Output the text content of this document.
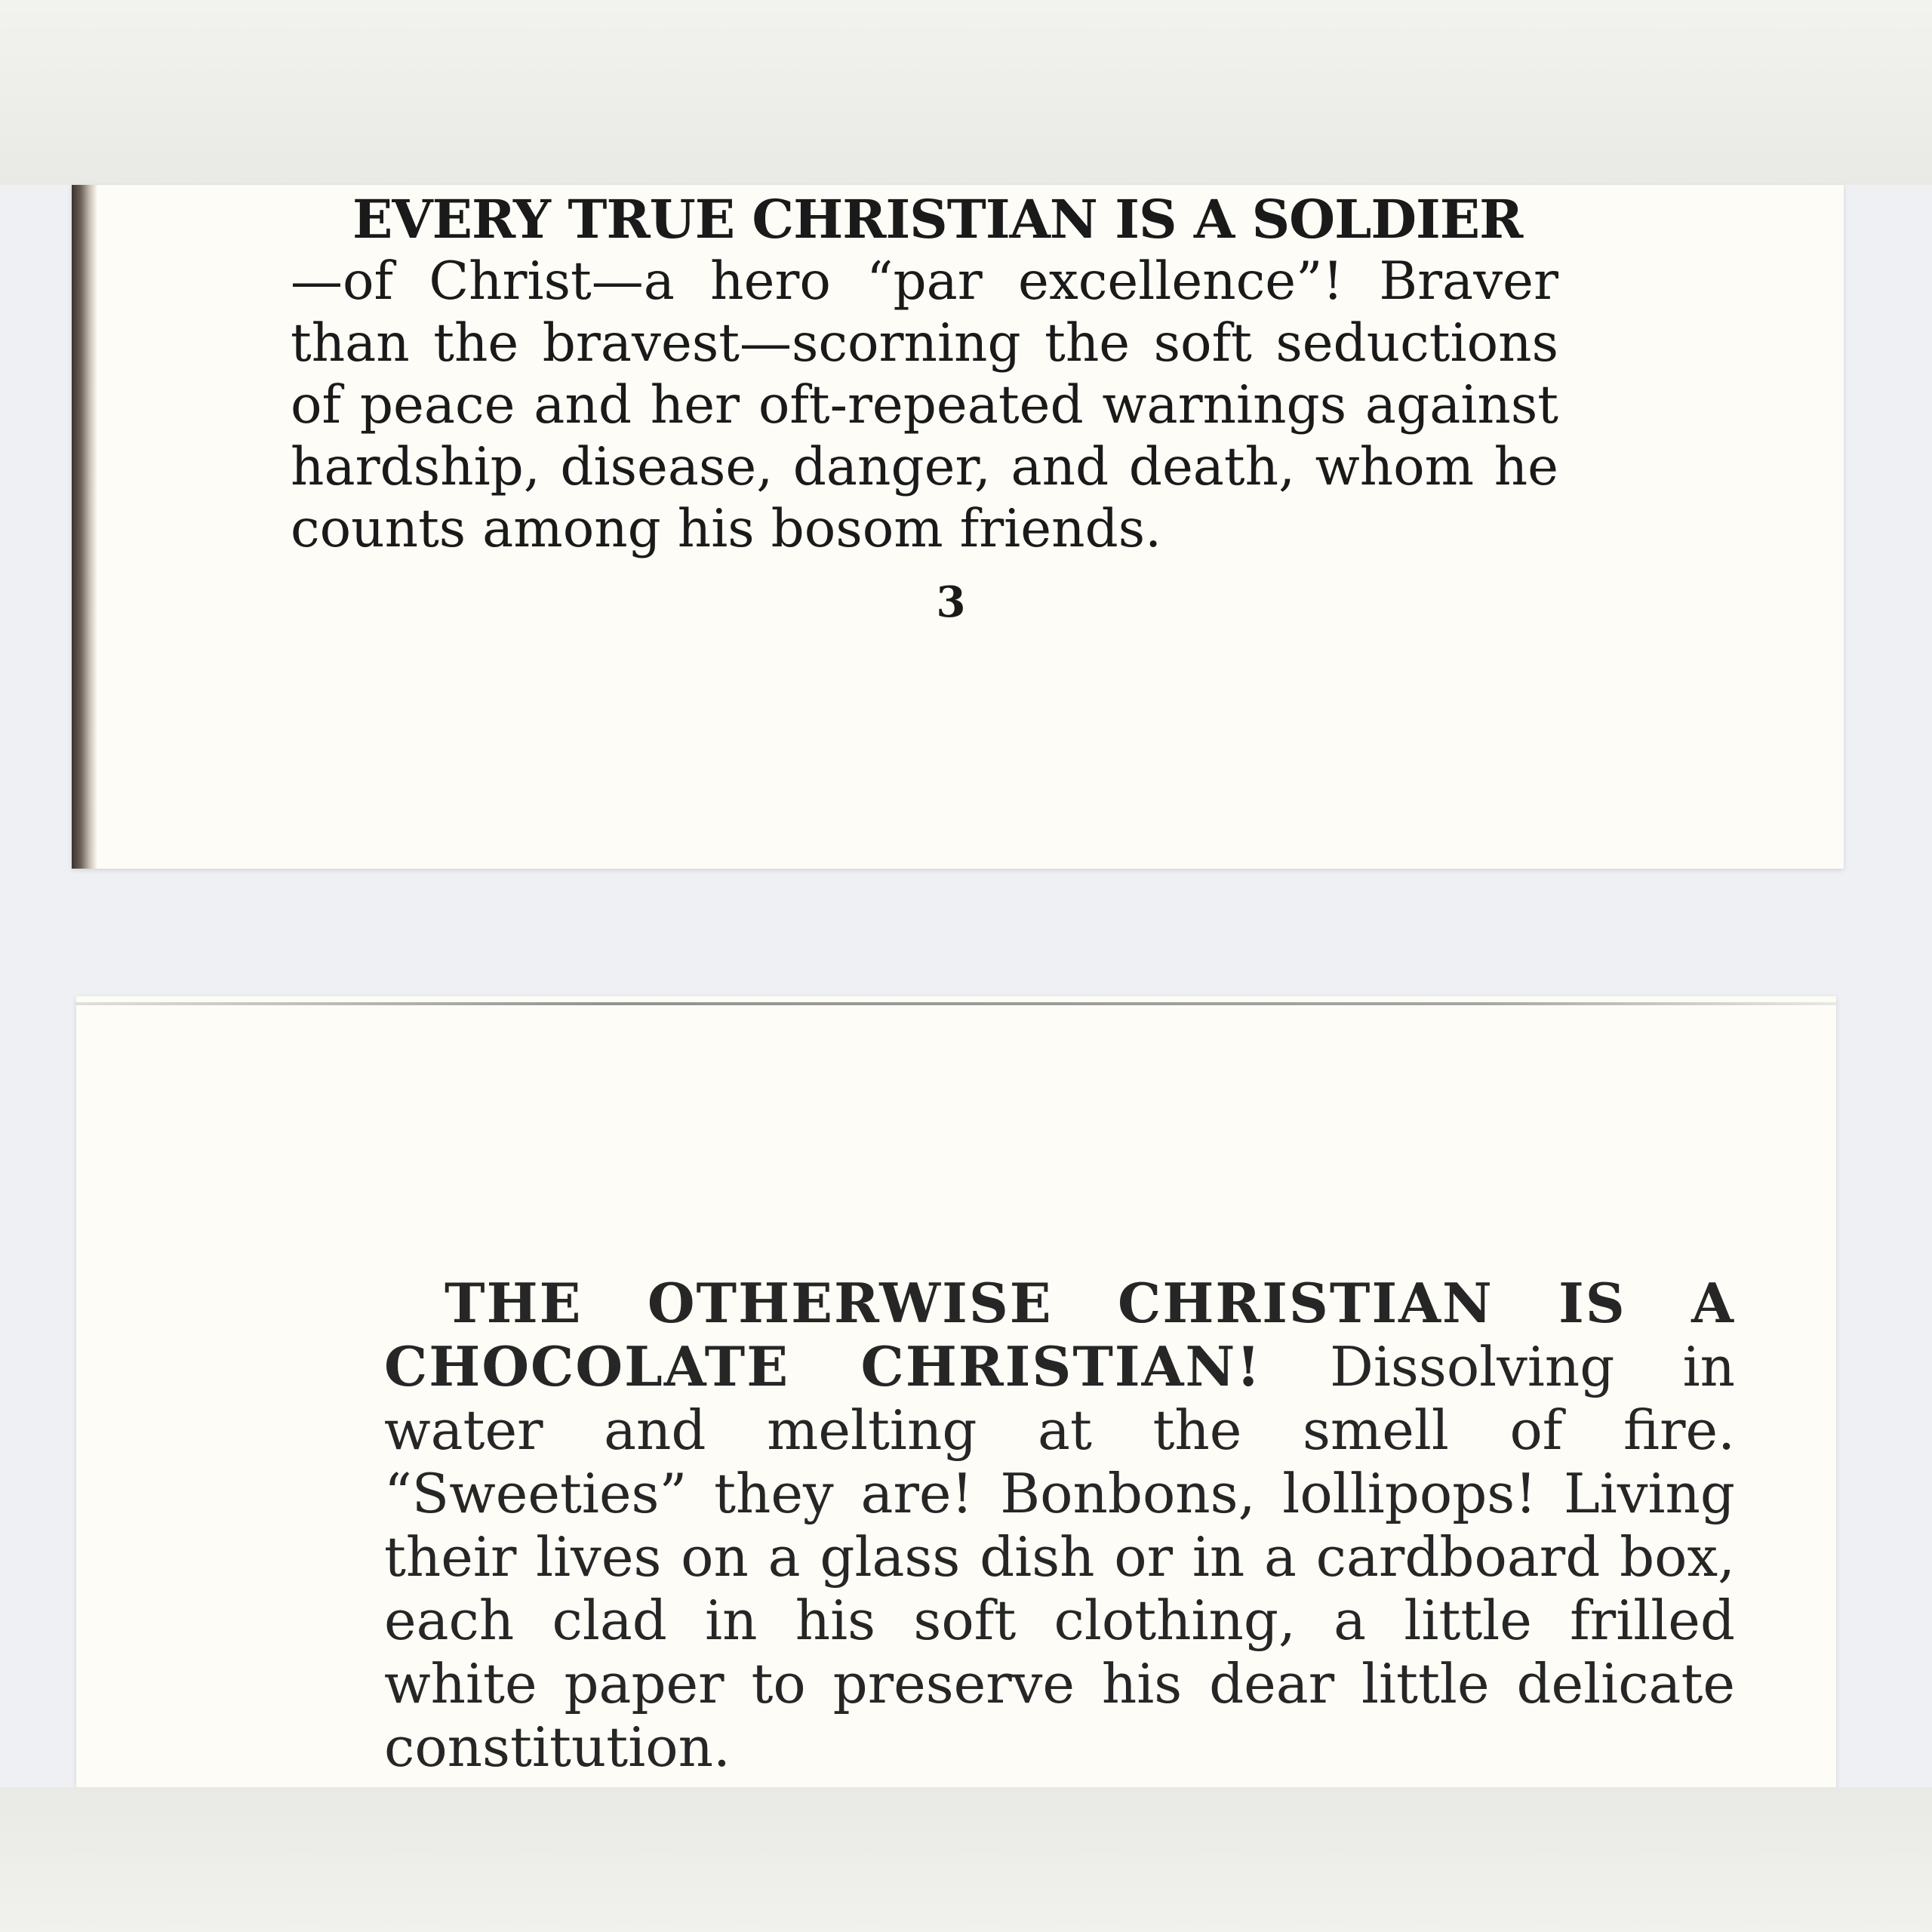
EVERY TRUE CHRISTIAN IS A SOLDIER
—of Christ—a hero “par excellence”! Braver than the bravest—scorning the soft seductions of peace and her oft-repeated warnings against hardship, disease, danger, and death, whom he counts among his bosom friends.

3

THE OTHERWISE CHRISTIAN IS A CHOCOLATE CHRISTIAN! Dissolving in water and melting at the smell of fire. “Sweeties” they are! Bonbons, lollipops! Living their lives on a glass dish or in a cardboard box, each clad in his soft clothing, a little frilled white paper to preserve his dear little delicate constitution.
